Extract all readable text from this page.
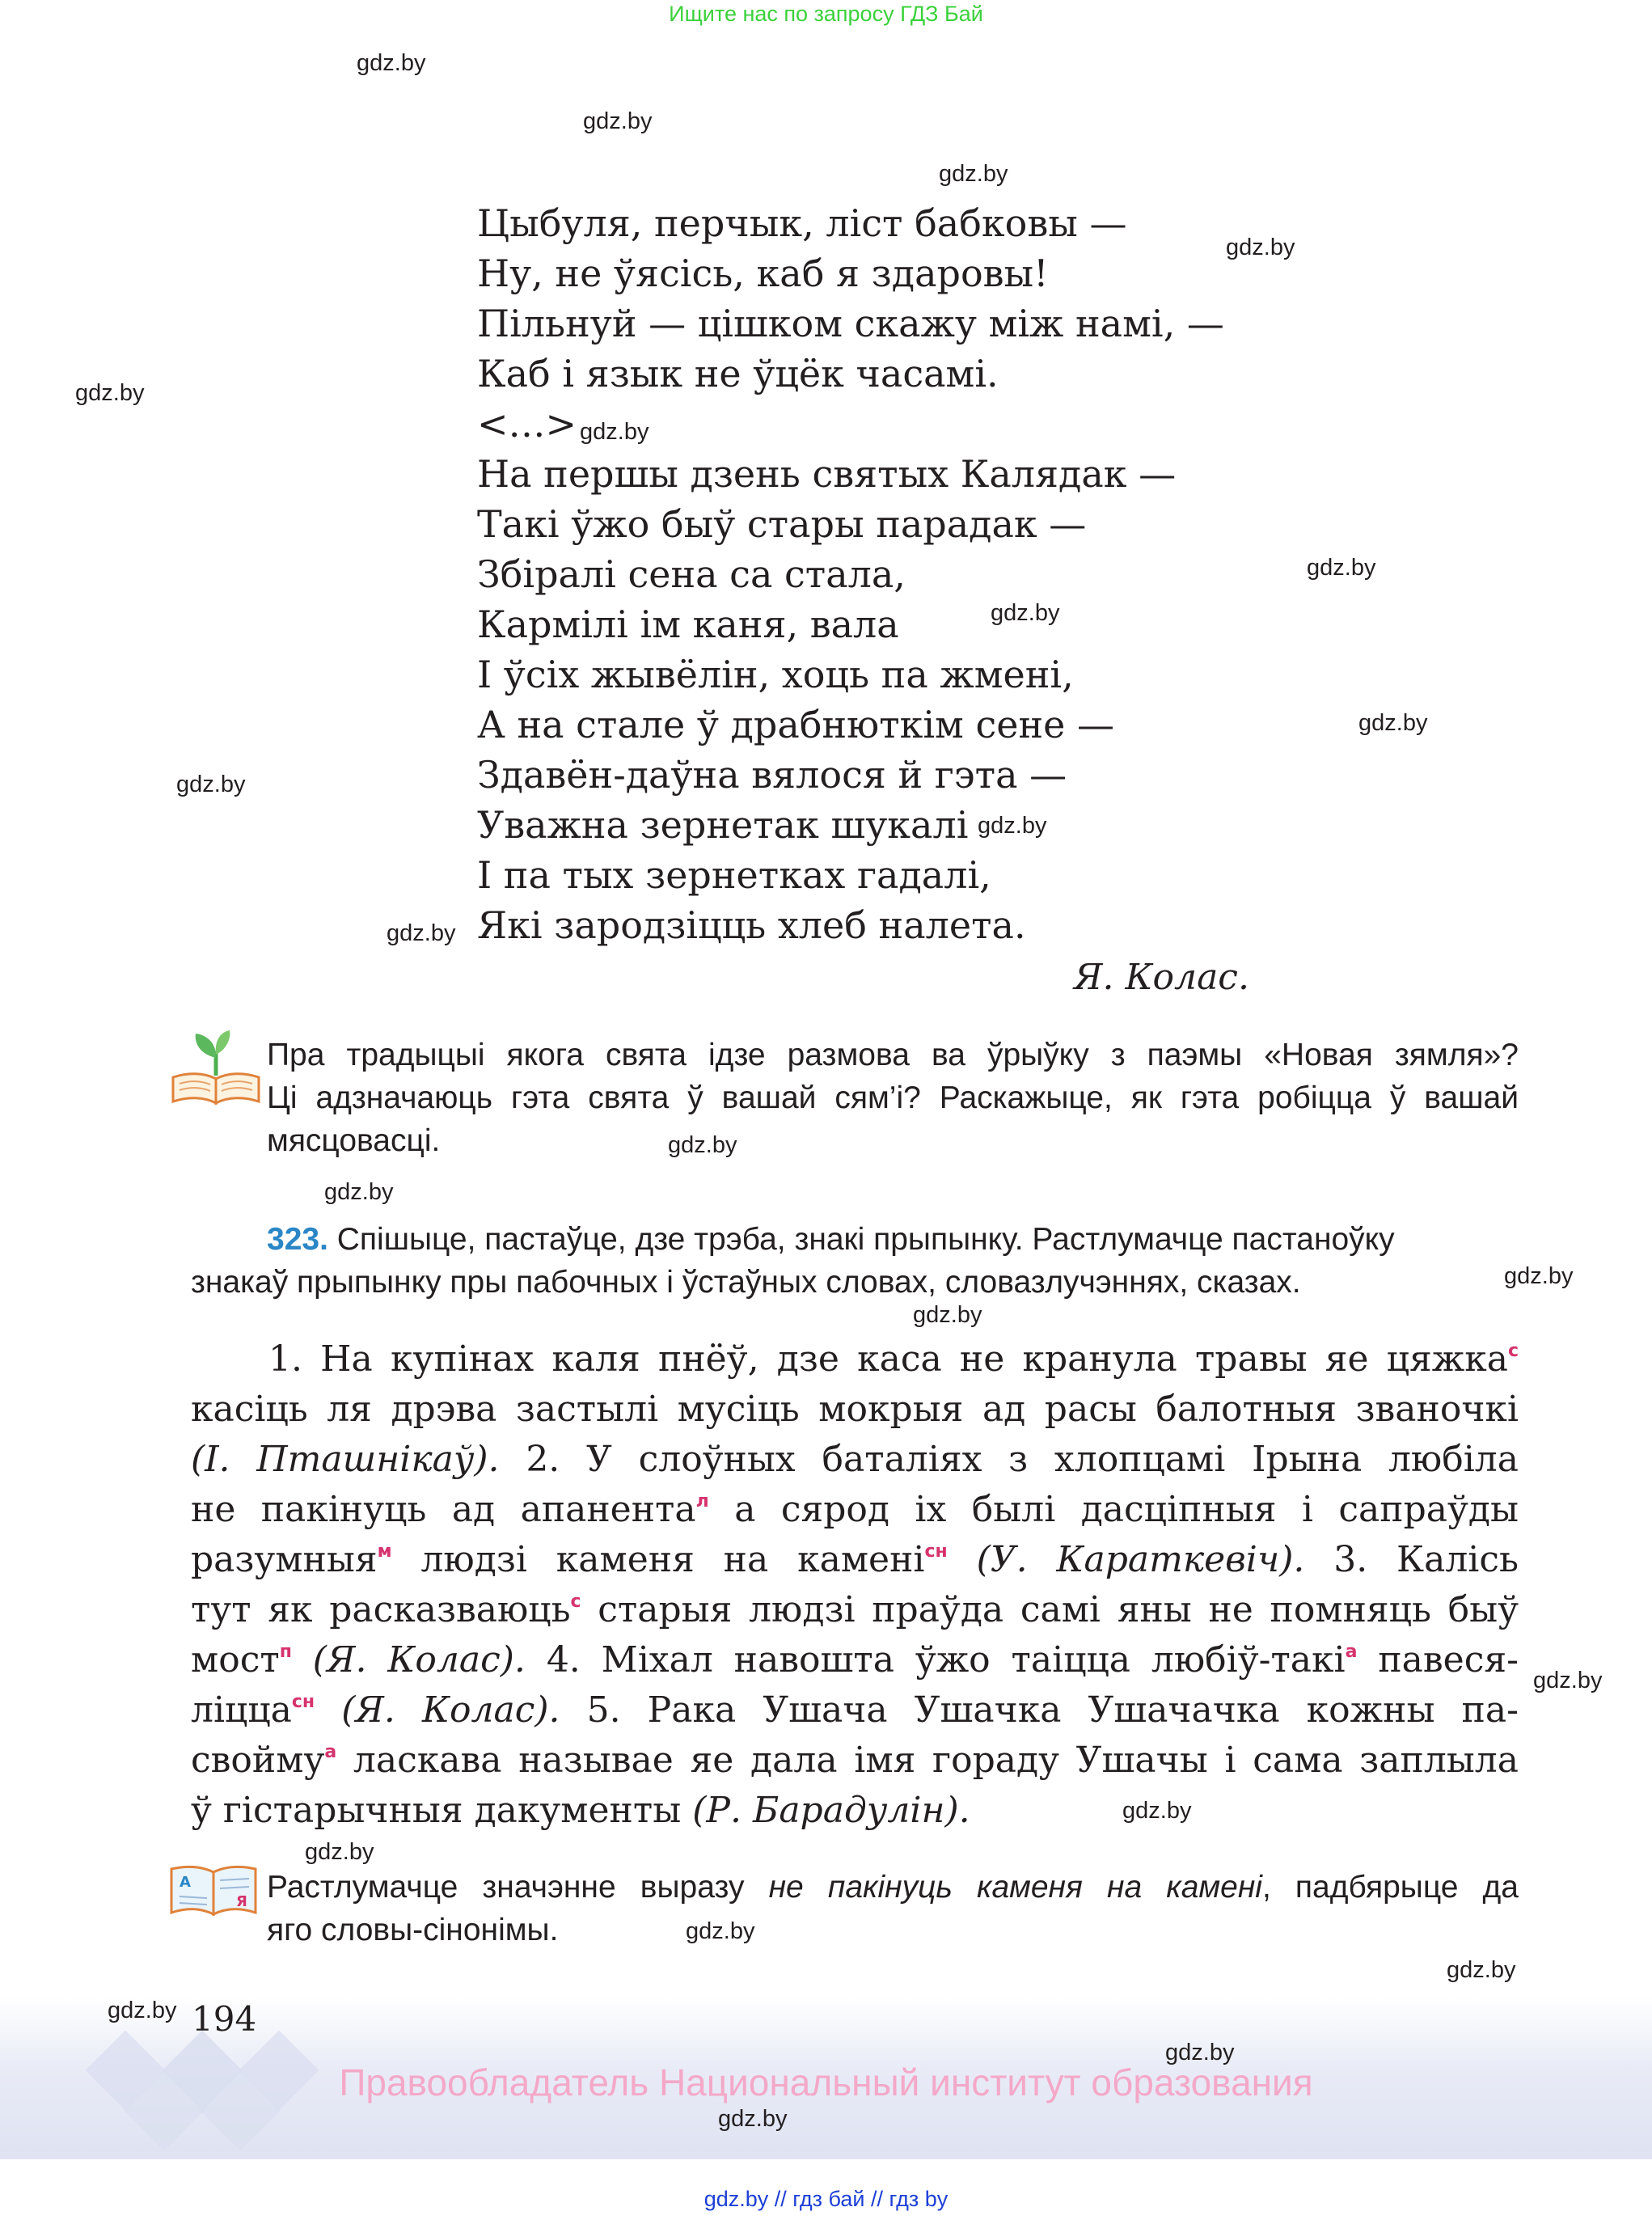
Ищите нас по запросу ГДЗ Бай
gdz.by
gdz.by
gdz.by
gdz.by
gdz.by
gdz.by
gdz.by
gdz.by
gdz.by
gdz.by
gdz.by
gdz.by
gdz.by
gdz.by
gdz.by
gdz.by
gdz.by
gdz.by
gdz.by
gdz.by
gdz.by
gdz.by
gdz.by
gdz.by
Цыбуля, перчык, ліст бабковы —
Ну, не ўясісь, каб я здаровы!
Пільнуй — цішком скажу між намі, —
Каб і язык не ўцёк часамі.
<…>
На першы дзень святых Калядак —
Такі ўжо быў стары парадак —
Збіралі сена са стала,
Кармілі ім каня, вала
І ўсіх жывёлін, хоць па жмені,
А на стале ў драбнюткім сене —
Здавён-даўна вялося й гэта —
Уважна зернетак шукалі
І па тых зернетках гадалі,
Які зародзіцць хлеб налета.
Я. Колас.
Пра традыцыі якога свята ідзе размова ва ўрыўку з паэмы «Новая зямля»?
Ці адзначаюць гэта свята ў вашай сям’і? Раскажыце, як гэта робіцца ў вашай
мясцовасці.
323. Спішыце, пастаўце, дзе трэба, знакі прыпынку. Растлумачце пастаноўку
знакаў прыпынку пры пабочных і ўстаўных словах, словазлучэннях, сказах.
1. На купінах каля пнёў, дзе каса не кранула травы яе цяжка$^с$
касіць ля дрэва застылі мусіць мокрыя ад расы балотныя званочкі
(І. Пташнікаў). 2. У слоўных баталіях з хлопцамі Ірына любіла
не пакінуць ад апанента$^л$ а сярод іх былі дасціпныя і сапраўды
разумныя$^м$ людзі каменя на камені$^{сн}$ (У. Караткевіч). 3. Калісь
тут як расказваюць$^с$ старыя людзі праўда самі яны не помняць быў
мост$^п$ (Я. Колас). 4. Міхал навошта ўжо таіцца любіў-такі$^а$ павеся-
ліцца$^{сн}$ (Я. Колас). 5. Рака Ушача Ушачка Ушачачка кожны па-
свойму$^а$ ласкава называе яе дала імя гораду Ушачы і сама заплыла
ў гістарычныя дакументы (Р. Барадулін).
А
Я Растлумачце значэнне выразу не пакінуць каменя на камені, падбярыце да
яго словы-сінонімы.
194
Правообладатель Национальный институт образования
gdz.by // гдз бай // гдз by
